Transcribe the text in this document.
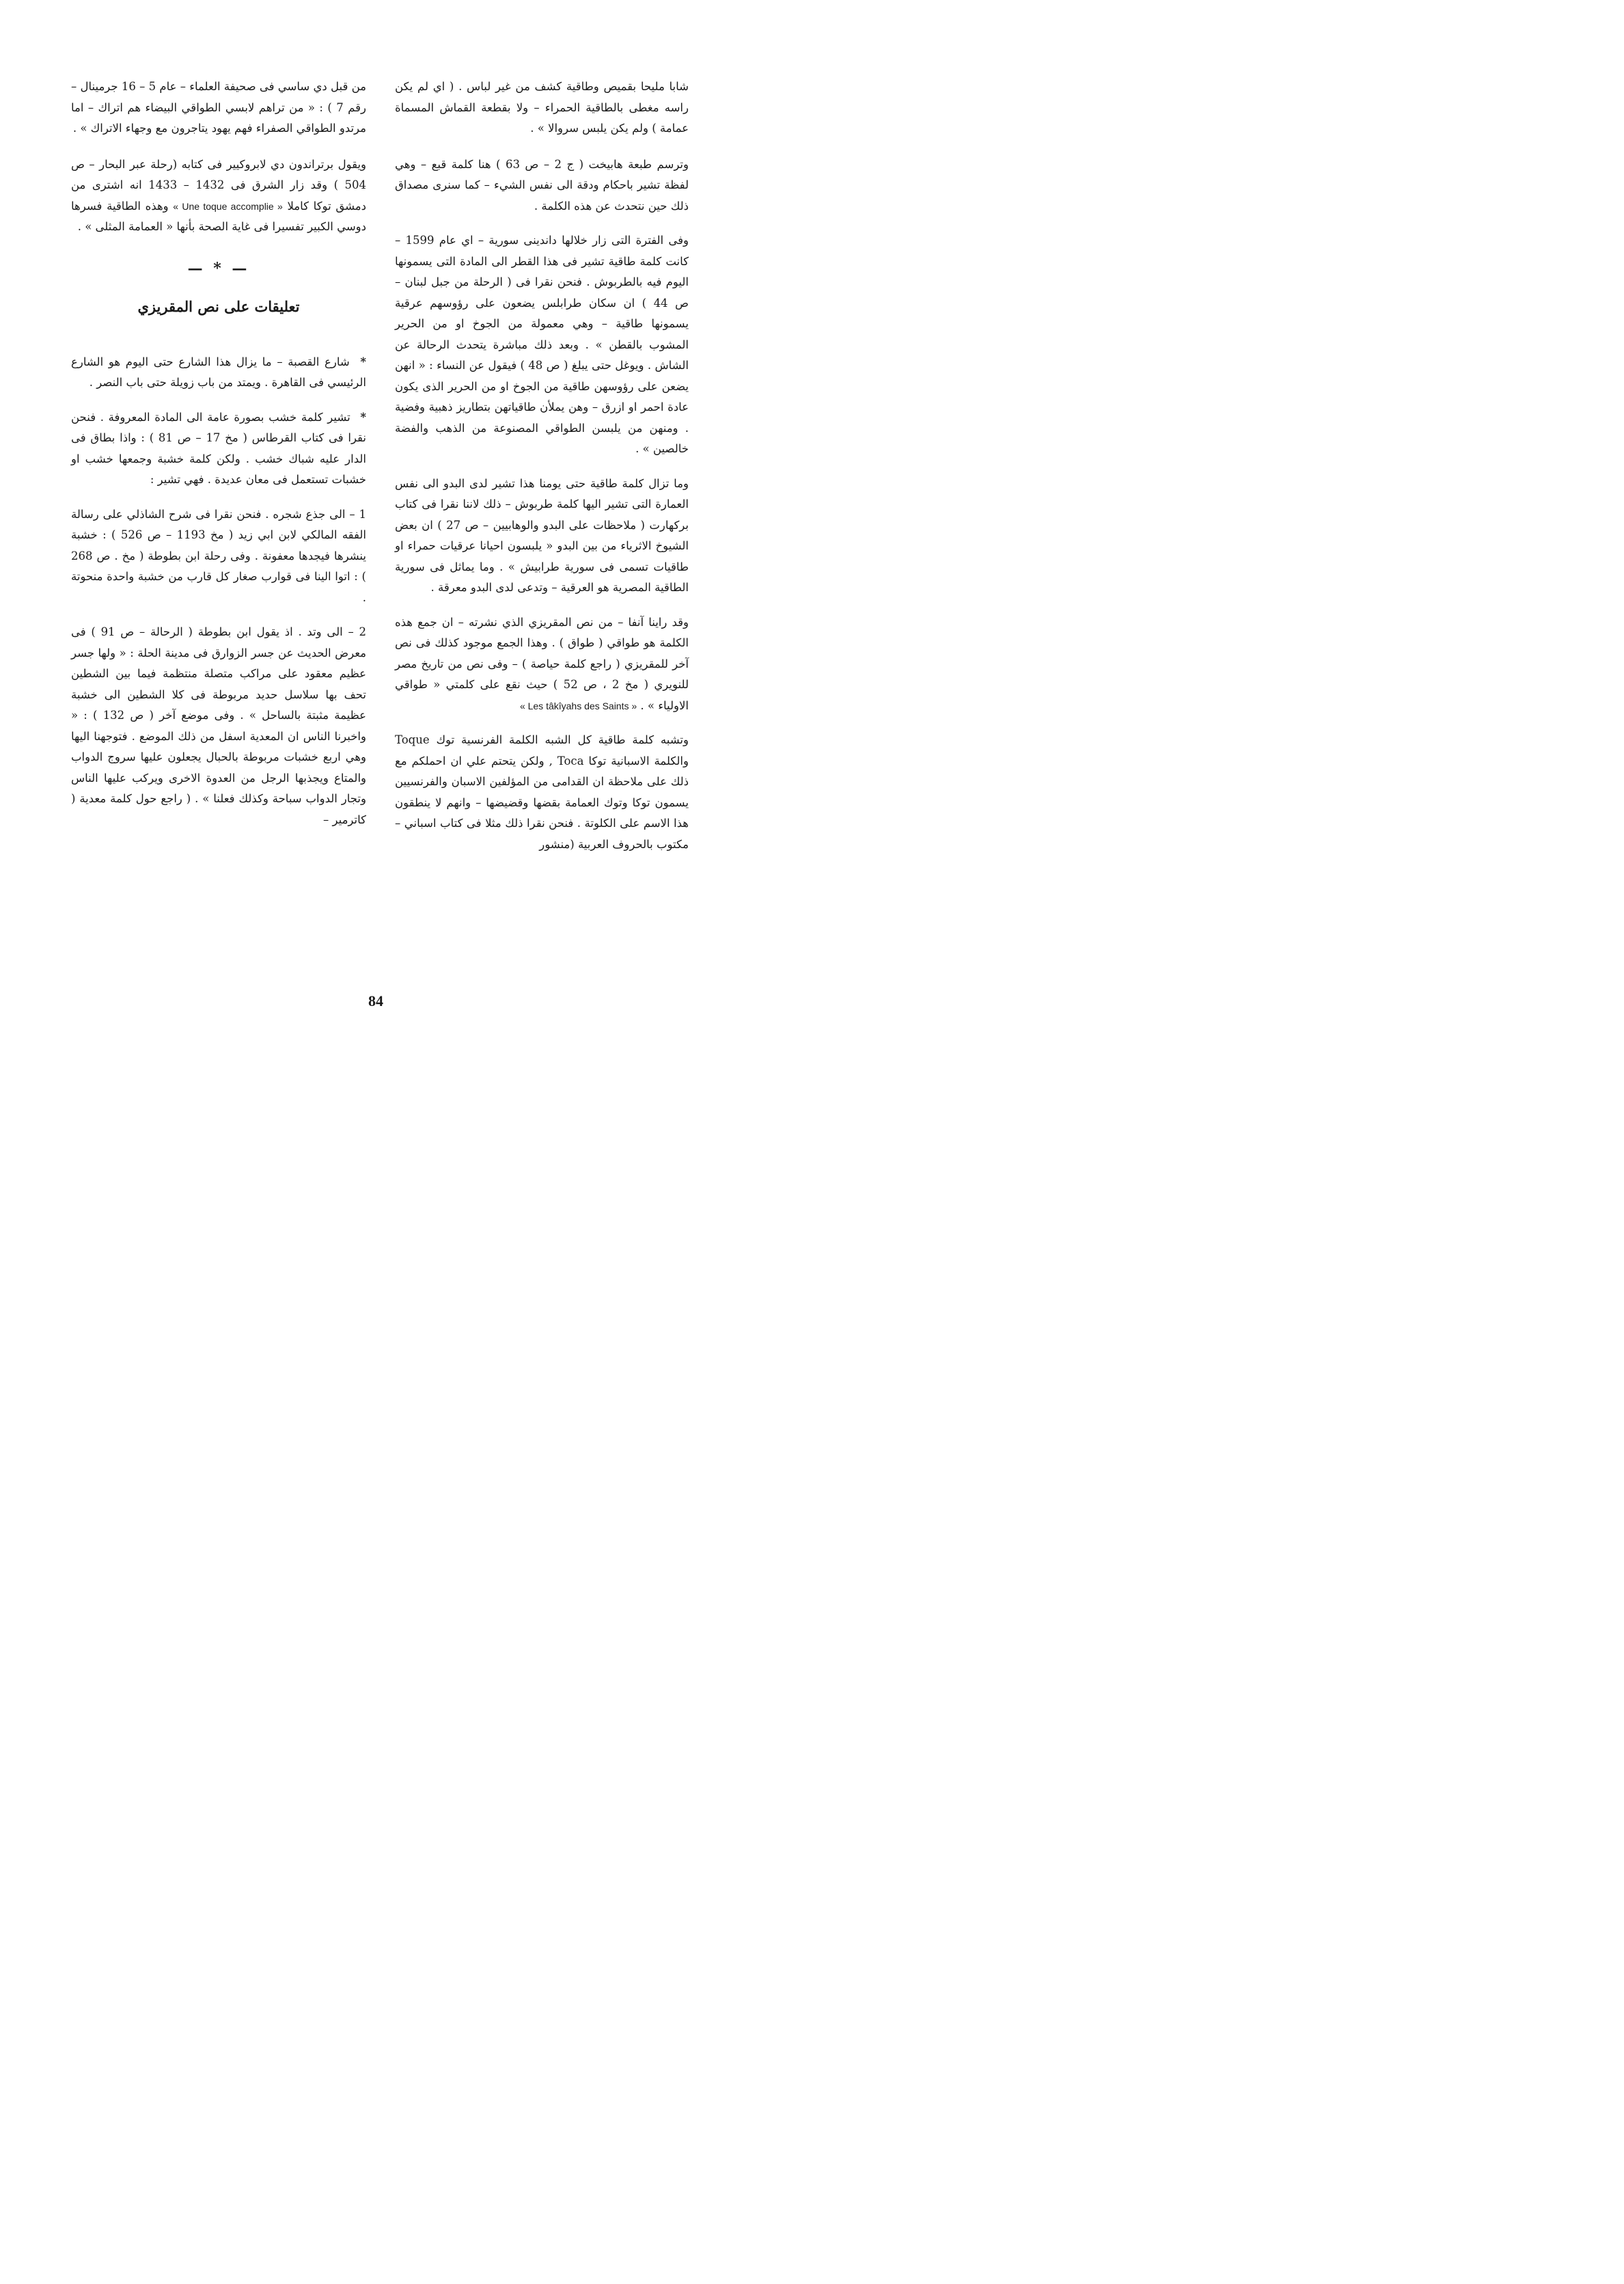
شابا مليحا بقميص وطاقية كشف من غير لباس . ( اي لم يكن راسه مغطى بالطاقية الحمراء – ولا بقطعة القماش المسماة عمامة ) ولم يكن يلبس سروالا » .

وترسم طبعة هابيخت ( ج 2 – ص 63 ) هنا كلمة قبع – وهي لفظة تشير باحكام ودقة الى نفس الشيء – كما سنرى مصداق ذلك حين نتحدث عن هذه الكلمة .

وفى الفترة التى زار خلالها داندينى سورية – اي عام 1599 – كانت كلمة طاقية تشير فى هذا القطر الى المادة التى يسمونها اليوم فيه بالطربوش . فنحن نقرا فى ( الرحلة من جبل لبنان – ص 44 ) ان سكان طرابلس يضعون على رؤوسهم عرقية يسمونها طاقية – وهي معمولة من الجوخ او من الحرير المشوب بالقطن » . وبعد ذلك مباشرة يتحدث الرحالة عن الشاش . ويوغل حتى يبلغ ( ص 48 ) فيقول عن النساء : « انهن يضعن على رؤوسهن طاقية من الجوخ او من الحرير الذى يكون عادة احمر او ازرق – وهن يملأن طاقياتهن بتطاريز ذهبية وفضية . ومنهن من يلبسن الطواقي المصنوعة من الذهب والفضة خالصين » .

وما تزال كلمة طاقية حتى يومنا هذا تشير لدى البدو الى نفس العمارة التى تشير اليها كلمة طربوش – ذلك لاننا نقرا فى كتاب بركهارت ( ملاحظات على البدو والوهابيين – ص 27 ) ان بعض الشيوخ الاثرياء من بين البدو « يلبسون احيانا عرقيات حمراء او طاقيات تسمى فى سورية طرابيش » . وما يماثل فى سورية الطاقية المصرية هو العرقية – وتدعى لدى البدو معرقة .

وقد راينا آنفا – من نص المقريزي الذي نشرته – ان جمع هذه الكلمة هو طواقي ( طواق ) . وهذا الجمع موجود كذلك فى نص آخر للمقريزي ( راجع كلمة حياصة ) – وفى نص من تاريخ مصر للنويري ( مخ 2 ، ص 52 ) حيث نقع على كلمتي « طواقي الاولياء » . « Les tâkîyahs des Saints »

وتشبه كلمة طاقية كل الشبه الكلمة الفرنسية توك Toque والكلمة الاسبانية توكا Toca , ولكن يتحتم علي ان احملكم مع ذلك على ملاحظة ان القدامى من المؤلفين الاسبان والفرنسيين يسمون توكا وتوك العمامة بقضها وقضيضها – وانهم لا ينطقون هذا الاسم على الكلوتة . فنحن نقرا ذلك مثلا فى كتاب اسباني – مكتوب بالحروف العربية (منشور

من قبل دي ساسي فى صحيفة العلماء – عام 5 – 16 جرمينال – رقم 7 ) : « من تراهم لابسي الطواقي البيضاء هم اتراك – اما مرتدو الطواقي الصفراء فهم يهود يتاجرون مع وجهاء الاتراك » .

ويقول برتراندون دي لابروكيير فى كتابه (رحلة عبر البحار – ص 504 ) وقد زار الشرق فى 1432 – 1433 انه اشترى من دمشق توكا كاملا « Une toque accomplie » وهذه الطاقية فسرها دوسي الكبير تفسيرا فى غاية الصحة بأنها « العمامة المثلى » .

— * —
تعليقات على نص المقريزي

* شارع القصبة – ما يزال هذا الشارع حتى اليوم هو الشارع الرئيسي فى القاهرة . ويمتد من باب زويلة حتى باب النصر .

* تشير كلمة خشب بصورة عامة الى المادة المعروفة . فنحن نقرا فى كتاب القرطاس ( مخ 17 – ص 81 ) : واذا بطاق فى الدار عليه شباك خشب . ولكن كلمة خشبة وجمعها خشب او خشبات تستعمل فى معان عديدة . فهي تشير :

1 – الى جذع شجره . فنحن نقرا فى شرح الشاذلي على رسالة الفقه المالكي لابن ابي زيد ( مخ 1193 – ص 526 ) : خشبة ينشرها فيجدها معفونة . وفى رحلة ابن بطوطة ( مخ . ص 268 ) : اتوا الينا فى قوارب صغار كل قارب من خشبة واحدة منحوتة .

2 – الى وتد . اذ يقول ابن بطوطة ( الرحالة – ص 91 ) فى معرض الحديث عن جسر الزوارق فى مدينة الحلة : « ولها جسر عظيم معقود على مراكب متصلة منتظمة فيما بين الشطين تحف بها سلاسل حديد مربوطة فى كلا الشطين الى خشبة عظيمة مثبتة بالساحل » . وفى موضع آخر ( ص 132 ) : « واخبرنا الناس ان المعدية اسفل من ذلك الموضع . فتوجهنا اليها وهي اربع خشبات مربوطة بالحبال يجعلون عليها سروج الدواب والمتاع ويجذبها الرجل من العدوة الاخرى ويركب عليها الناس وتجار الدواب سباحة وكذلك فعلنا » . ( راجع حول كلمة معدية ( كاترمير –

84
